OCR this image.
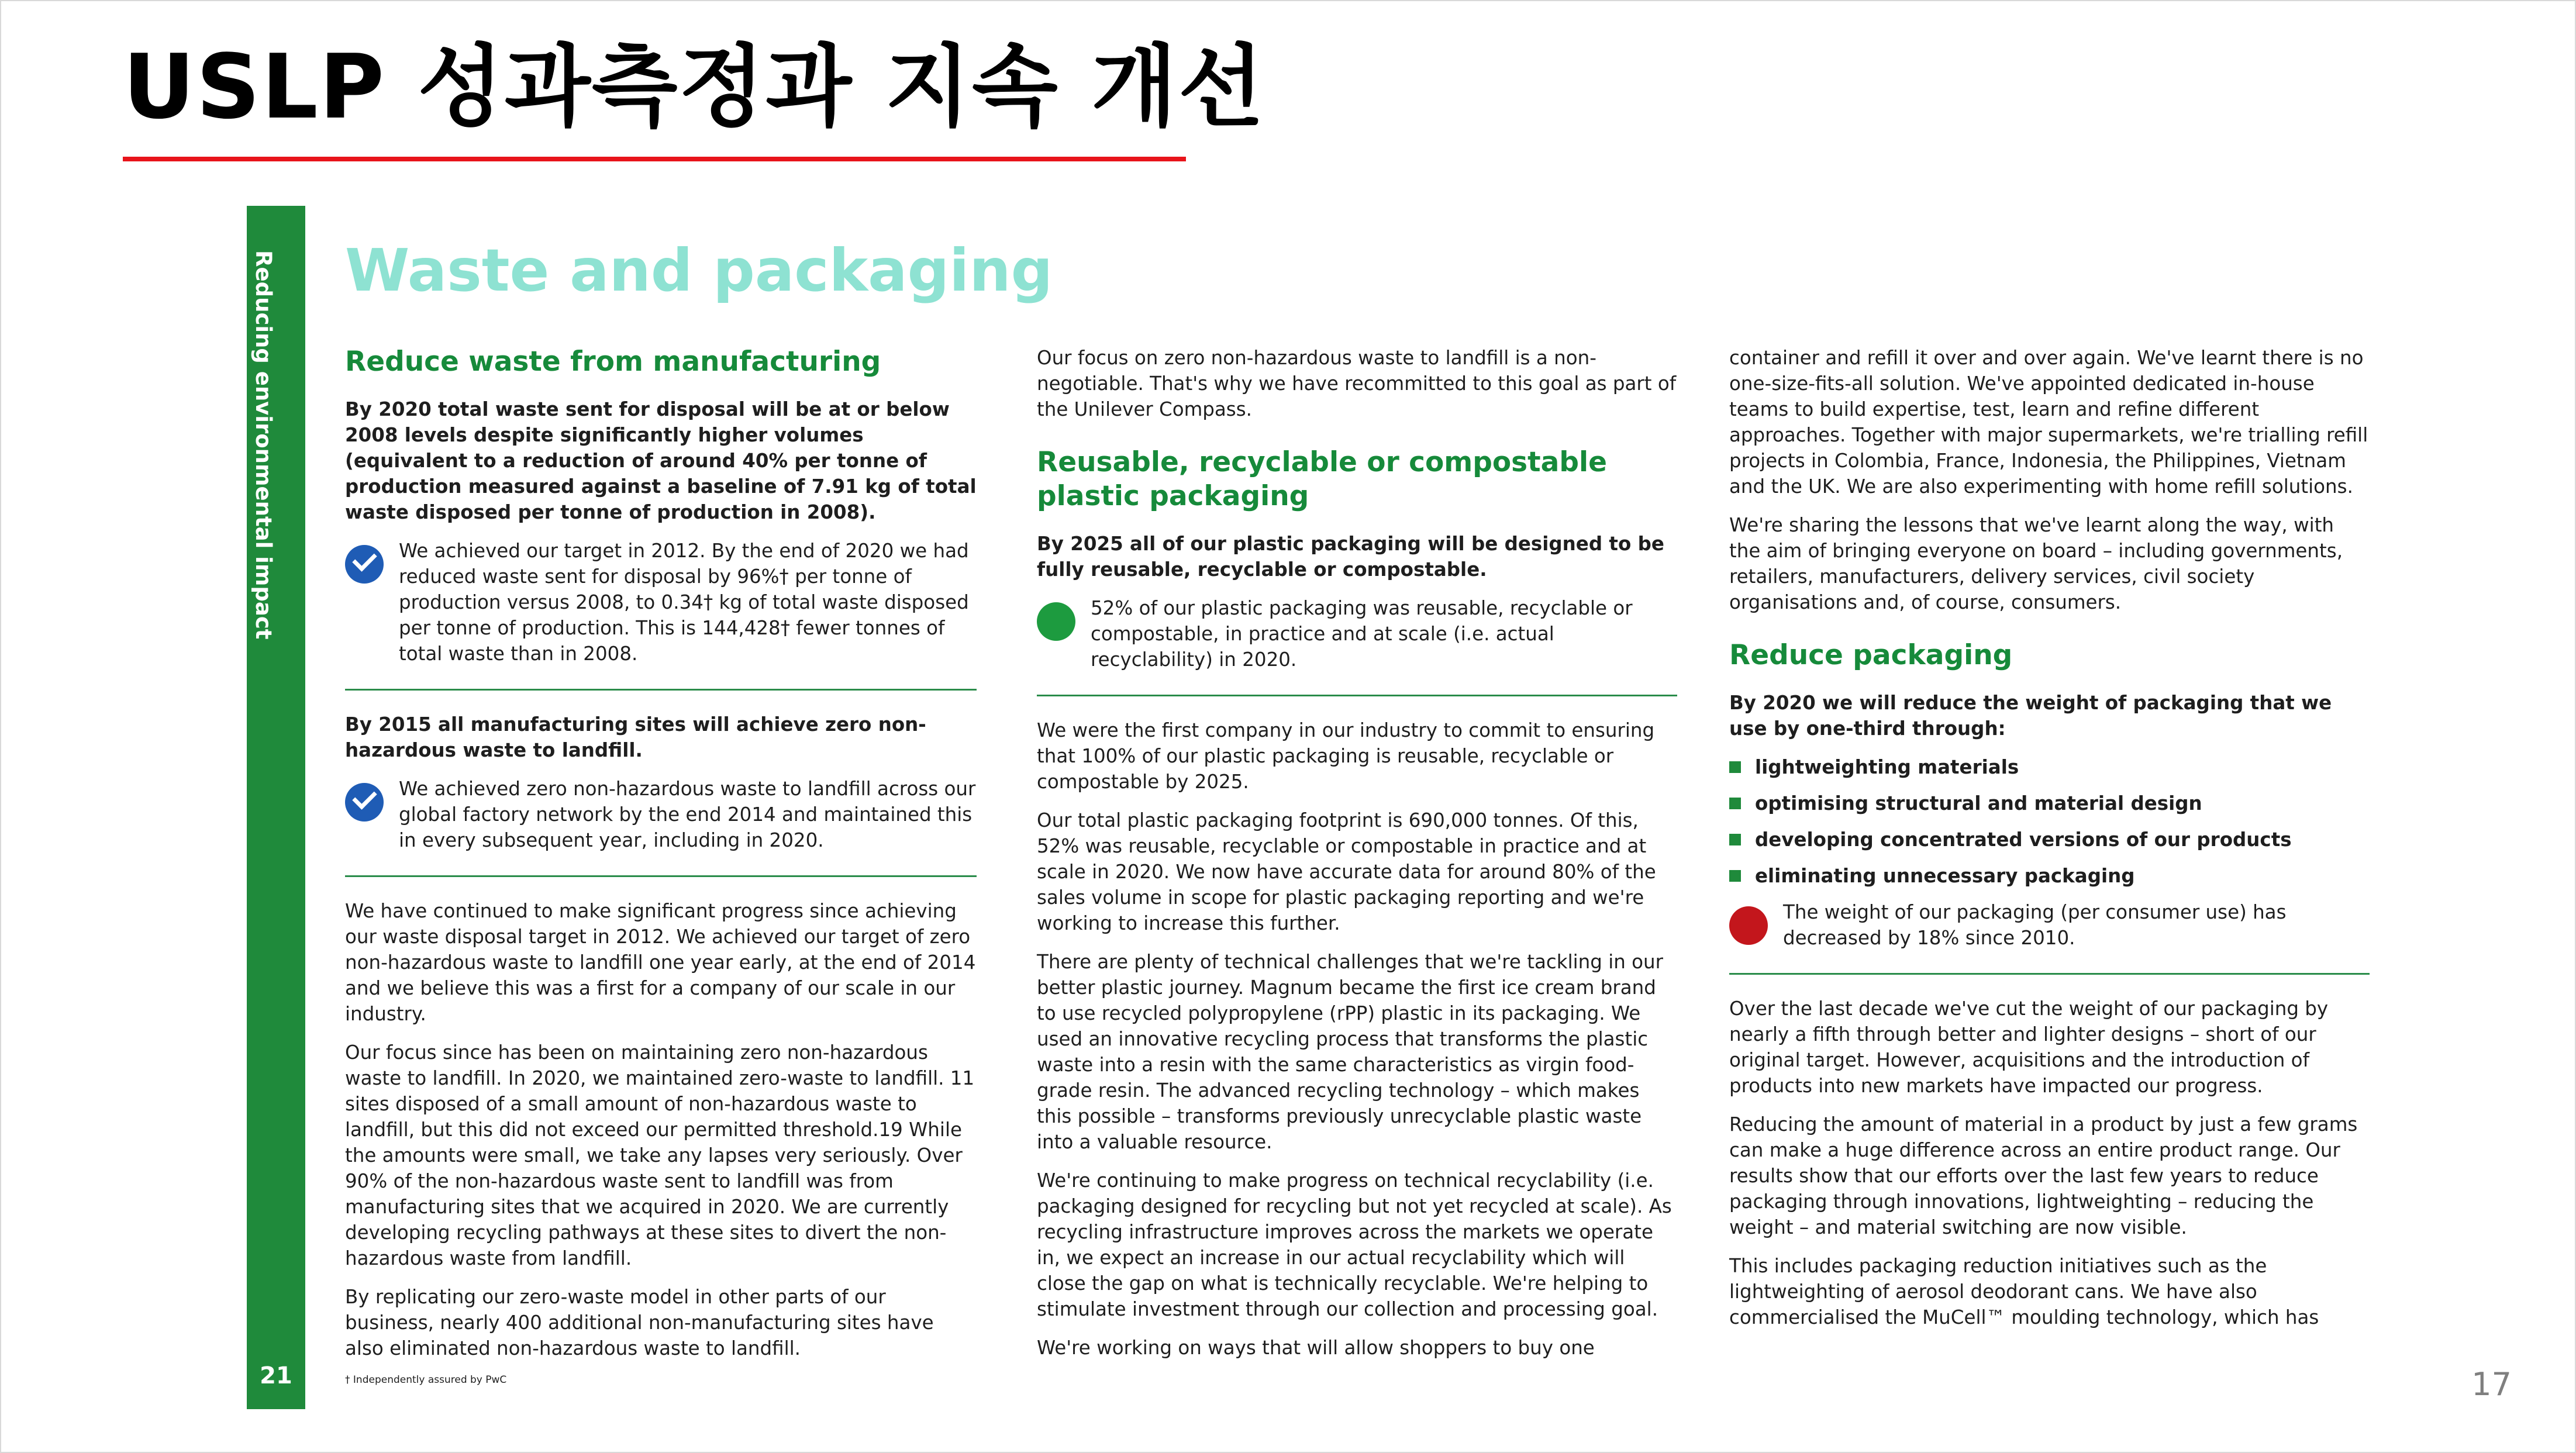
USLP 성과측정과 지속 개선
Reducing environmental impact
21
Waste and packaging
Reduce waste from manufacturing

By 2020 total waste sent for disposal will be at or below 2008 levels despite significantly higher volumes (equivalent to a reduction of around 40% per tonne of production measured against a baseline of 7.91 kg of total waste disposed per tonne of production in 2008).

We achieved our target in 2012. By the end of 2020 we had reduced waste sent for disposal by 96%† per tonne of production versus 2008, to 0.34† kg of total waste disposed per tonne of production. This is 144,428† fewer tonnes of total waste than in 2008.

By 2015 all manufacturing sites will achieve zero non-hazardous waste to landfill.

We achieved zero non-hazardous waste to landfill across our global factory network by the end 2014 and maintained this in every subsequent year, including in 2020.

We have continued to make significant progress since achieving our waste disposal target in 2012. We achieved our target of zero non-hazardous waste to landfill one year early, at the end of 2014 and we believe this was a first for a company of our scale in our industry.

Our focus since has been on maintaining zero non-hazardous waste to landfill. In 2020, we maintained zero-waste to landfill. 11 sites disposed of a small amount of non-hazardous waste to landfill, but this did not exceed our permitted threshold.19 While the amounts were small, we take any lapses very seriously. Over 90% of the non-hazardous waste sent to landfill was from manufacturing sites that we acquired in 2020. We are currently developing recycling pathways at these sites to divert the non-hazardous waste from landfill.

By replicating our zero-waste model in other parts of our business, nearly 400 additional non-manufacturing sites have also eliminated non-hazardous waste to landfill.

Our focus on zero non-hazardous waste to landfill is a non-negotiable. That's why we have recommitted to this goal as part of the Unilever Compass.

Reusable, recyclable or compostable plastic packaging

By 2025 all of our plastic packaging will be designed to be fully reusable, recyclable or compostable.

52% of our plastic packaging was reusable, recyclable or compostable, in practice and at scale (i.e. actual recyclability) in 2020.

We were the first company in our industry to commit to ensuring that 100% of our plastic packaging is reusable, recyclable or compostable by 2025.

Our total plastic packaging footprint is 690,000 tonnes. Of this, 52% was reusable, recyclable or compostable in practice and at scale in 2020. We now have accurate data for around 80% of the sales volume in scope for plastic packaging reporting and we're working to increase this further.

There are plenty of technical challenges that we're tackling in our better plastic journey. Magnum became the first ice cream brand to use recycled polypropylene (rPP) plastic in its packaging. We used an innovative recycling process that transforms the plastic waste into a resin with the same characteristics as virgin food-grade resin. The advanced recycling technology – which makes this possible – transforms previously unrecyclable plastic waste into a valuable resource.

We're continuing to make progress on technical recyclability (i.e. packaging designed for recycling but not yet recycled at scale). As recycling infrastructure improves across the markets we operate in, we expect an increase in our actual recyclability which will close the gap on what is technically recyclable. We're helping to stimulate investment through our collection and processing goal.

We're working on ways that will allow shoppers to buy one

container and refill it over and over again. We've learnt there is no one-size-fits-all solution. We've appointed dedicated in-house teams to build expertise, test, learn and refine different approaches. Together with major supermarkets, we're trialling refill projects in Colombia, France, Indonesia, the Philippines, Vietnam and the UK. We are also experimenting with home refill solutions.

We're sharing the lessons that we've learnt along the way, with the aim of bringing everyone on board – including governments, retailers, manufacturers, delivery services, civil society organisations and, of course, consumers.

Reduce packaging

By 2020 we will reduce the weight of packaging that we use by one-third through:

lightweighting materials
optimising structural and material design
developing concentrated versions of our products
eliminating unnecessary packaging

The weight of our packaging (per consumer use) has decreased by 18% since 2010.

Over the last decade we've cut the weight of our packaging by nearly a fifth through better and lighter designs – short of our original target. However, acquisitions and the introduction of products into new markets have impacted our progress.

Reducing the amount of material in a product by just a few grams can make a huge difference across an entire product range. Our results show that our efforts over the last few years to reduce packaging through innovations, lightweighting – reducing the weight – and material switching are now visible.

This includes packaging reduction initiatives such as the lightweighting of aerosol deodorant cans. We have also commercialised the MuCell™ moulding technology, which has

† Independently assured by PwC	17
